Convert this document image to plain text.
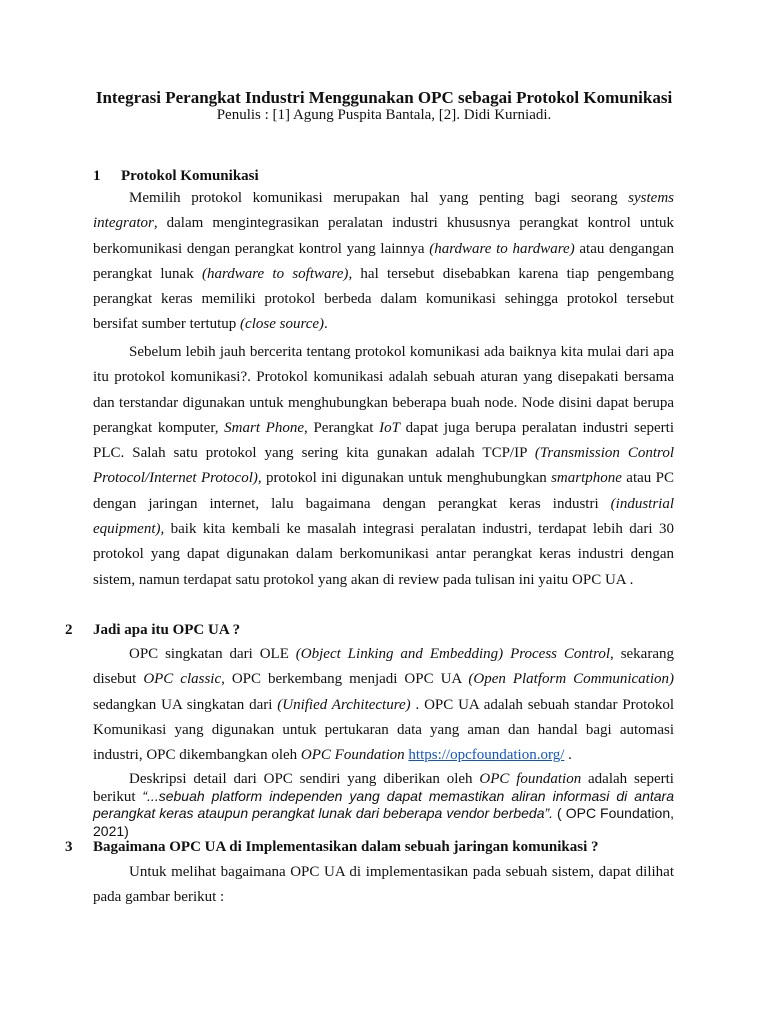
Integrasi Perangkat Industri Menggunakan OPC sebagai Protokol Komunikasi
Penulis : [1] Agung Puspita Bantala, [2]. Didi Kurniadi.
1 Protokol Komunikasi

Memilih protokol komunikasi merupakan hal yang penting bagi seorang systems integrator, dalam mengintegrasikan peralatan industri khususnya perangkat kontrol untuk berkomunikasi dengan perangkat kontrol yang lainnya (hardware to hardware) atau dengangan perangkat lunak (hardware to software), hal tersebut disebabkan karena tiap pengembang perangkat keras memiliki protokol berbeda dalam komunikasi sehingga protokol tersebut bersifat sumber tertutup (close source).

Sebelum lebih jauh bercerita tentang protokol komunikasi ada baiknya kita mulai dari apa itu protokol komunikasi?. Protokol komunikasi adalah sebuah aturan yang disepakati bersama dan terstandar digunakan untuk menghubungkan beberapa buah node. Node disini dapat berupa perangkat komputer, Smart Phone, Perangkat IoT dapat juga berupa peralatan industri seperti PLC. Salah satu protokol yang sering kita gunakan adalah TCP/IP (Transmission Control Protocol/Internet Protocol), protokol ini digunakan untuk menghubungkan smartphone atau PC dengan jaringan internet, lalu bagaimana dengan perangkat keras industri (industrial equipment), baik kita kembali ke masalah integrasi peralatan industri, terdapat lebih dari 30 protokol yang dapat digunakan dalam berkomunikasi antar perangkat keras industri dengan sistem, namun terdapat satu protokol yang akan di review pada tulisan ini yaitu OPC UA .

2 Jadi apa itu OPC UA ?

OPC singkatan dari OLE (Object Linking and Embedding) Process Control, sekarang disebut OPC classic, OPC berkembang menjadi OPC UA (Open Platform Communication) sedangkan UA singkatan dari (Unified Architecture) . OPC UA adalah sebuah standar Protokol Komunikasi yang digunakan untuk pertukaran data yang aman dan handal bagi automasi industri, OPC dikembangkan oleh OPC Foundation https://opcfoundation.org/ .

Deskripsi detail dari OPC sendiri yang diberikan oleh OPC foundation adalah seperti berikut “...sebuah platform independen yang dapat memastikan aliran informasi di antara perangkat keras ataupun perangkat lunak dari beberapa vendor berbeda”. ( OPC Foundation, 2021)

3 Bagaimana OPC UA di Implementasikan dalam sebuah jaringan komunikasi ?

Untuk melihat bagaimana OPC UA di implementasikan pada sebuah sistem, dapat dilihat pada gambar berikut :
